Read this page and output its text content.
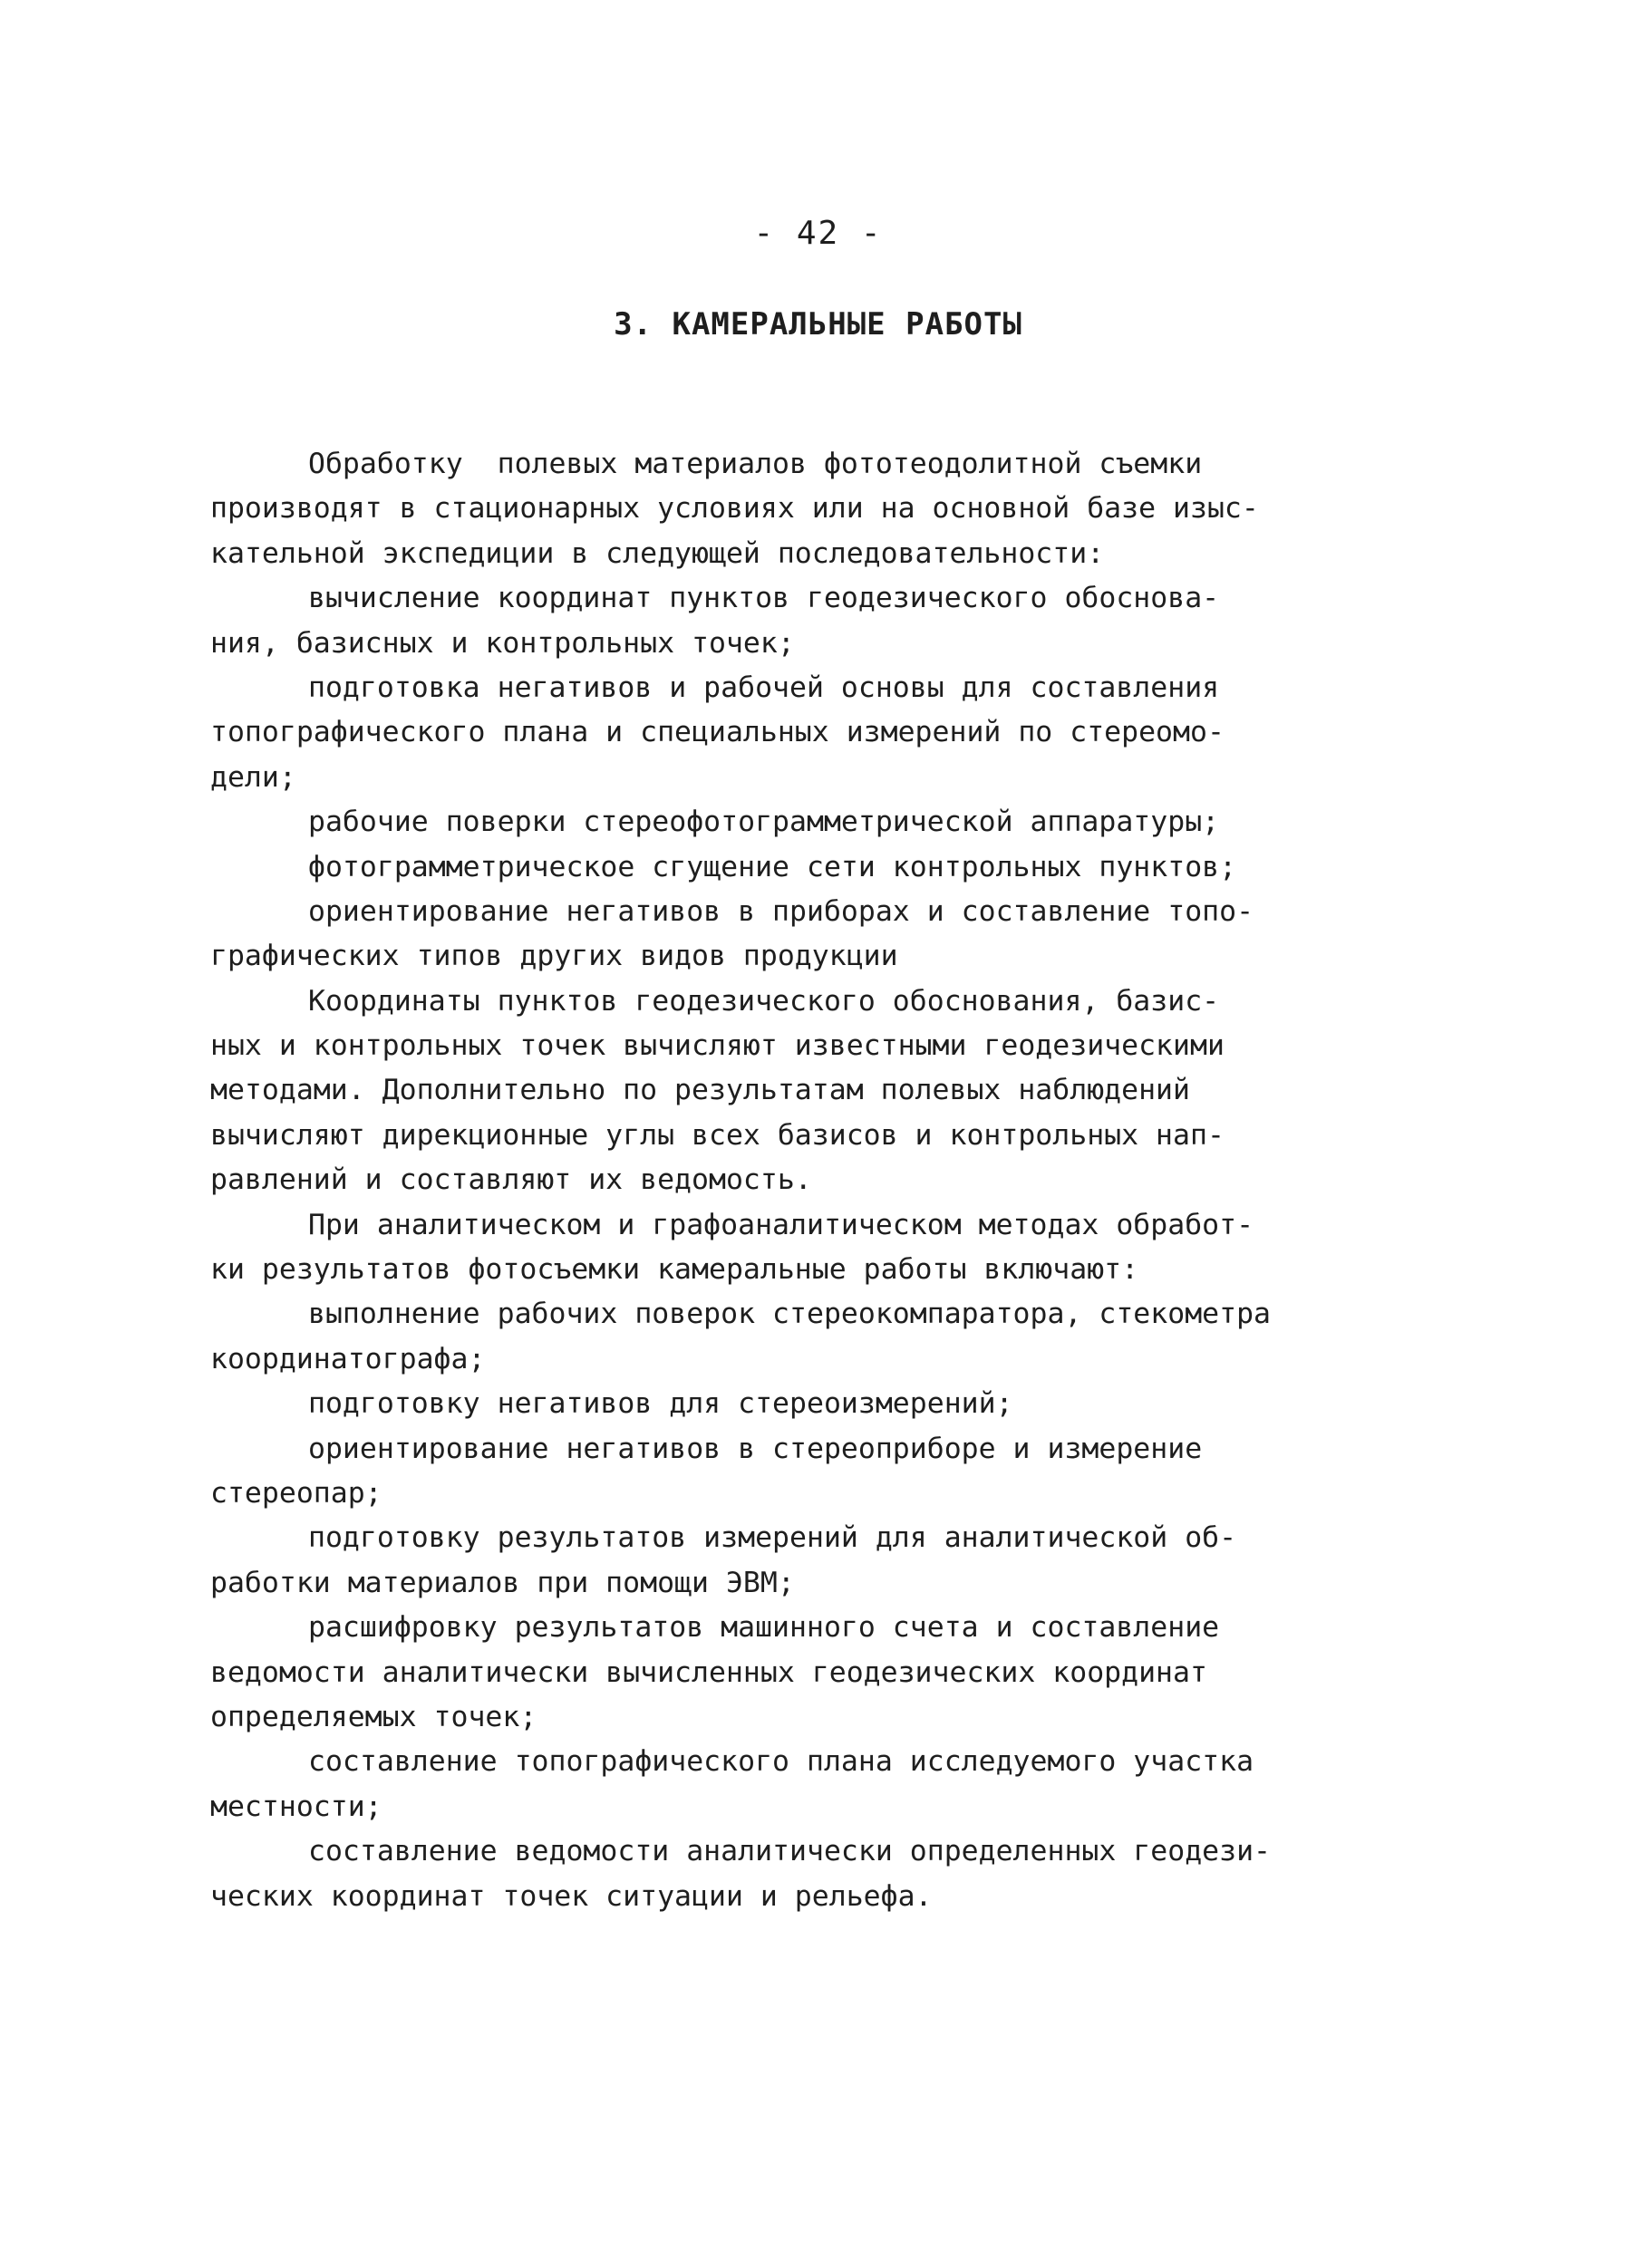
- 42 -
3. КАМЕРАЛЬНЫЕ РАБОТЫ
Обработку  полевых материалов фототеодолитной съемки
производят в стационарных условиях или на основной базе изыс-
кательной экспедиции в следующей последовательности:
вычисление координат пунктов геодезического обоснова-
ния, базисных и контрольных точек;
подготовка негативов и рабочей основы для составления
топографического плана и специальных измерений по стереомо-
дели;
рабочие поверки стереофотограмметрической аппаратуры;
фотограмметрическое сгущение сети контрольных пунктов;
ориентирование негативов в приборах и составление топо-
графических типов других видов продукции
Координаты пунктов геодезического обоснования, базис-
ных и контрольных точек вычисляют известными геодезическими
методами. Дополнительно по результатам полевых наблюдений
вычисляют дирекционные углы всех базисов и контрольных нап-
равлений и составляют их ведомость.
При аналитическом и графоаналитическом методах обработ-
ки результатов фотосъемки камеральные работы включают:
выполнение рабочих поверок стереокомпаратора, стекометра
координатографа;
подготовку негативов для стереоизмерений;
ориентирование негативов в стереоприборе и измерение
стереопар;
подготовку результатов измерений для аналитической об-
работки материалов при помощи ЭВМ;
расшифровку результатов машинного счета и составление
ведомости аналитически вычисленных геодезических координат
определяемых точек;
составление топографического плана исследуемого участка
местности;
составление ведомости аналитически определенных геодези-
ческих координат точек ситуации и рельефа.
